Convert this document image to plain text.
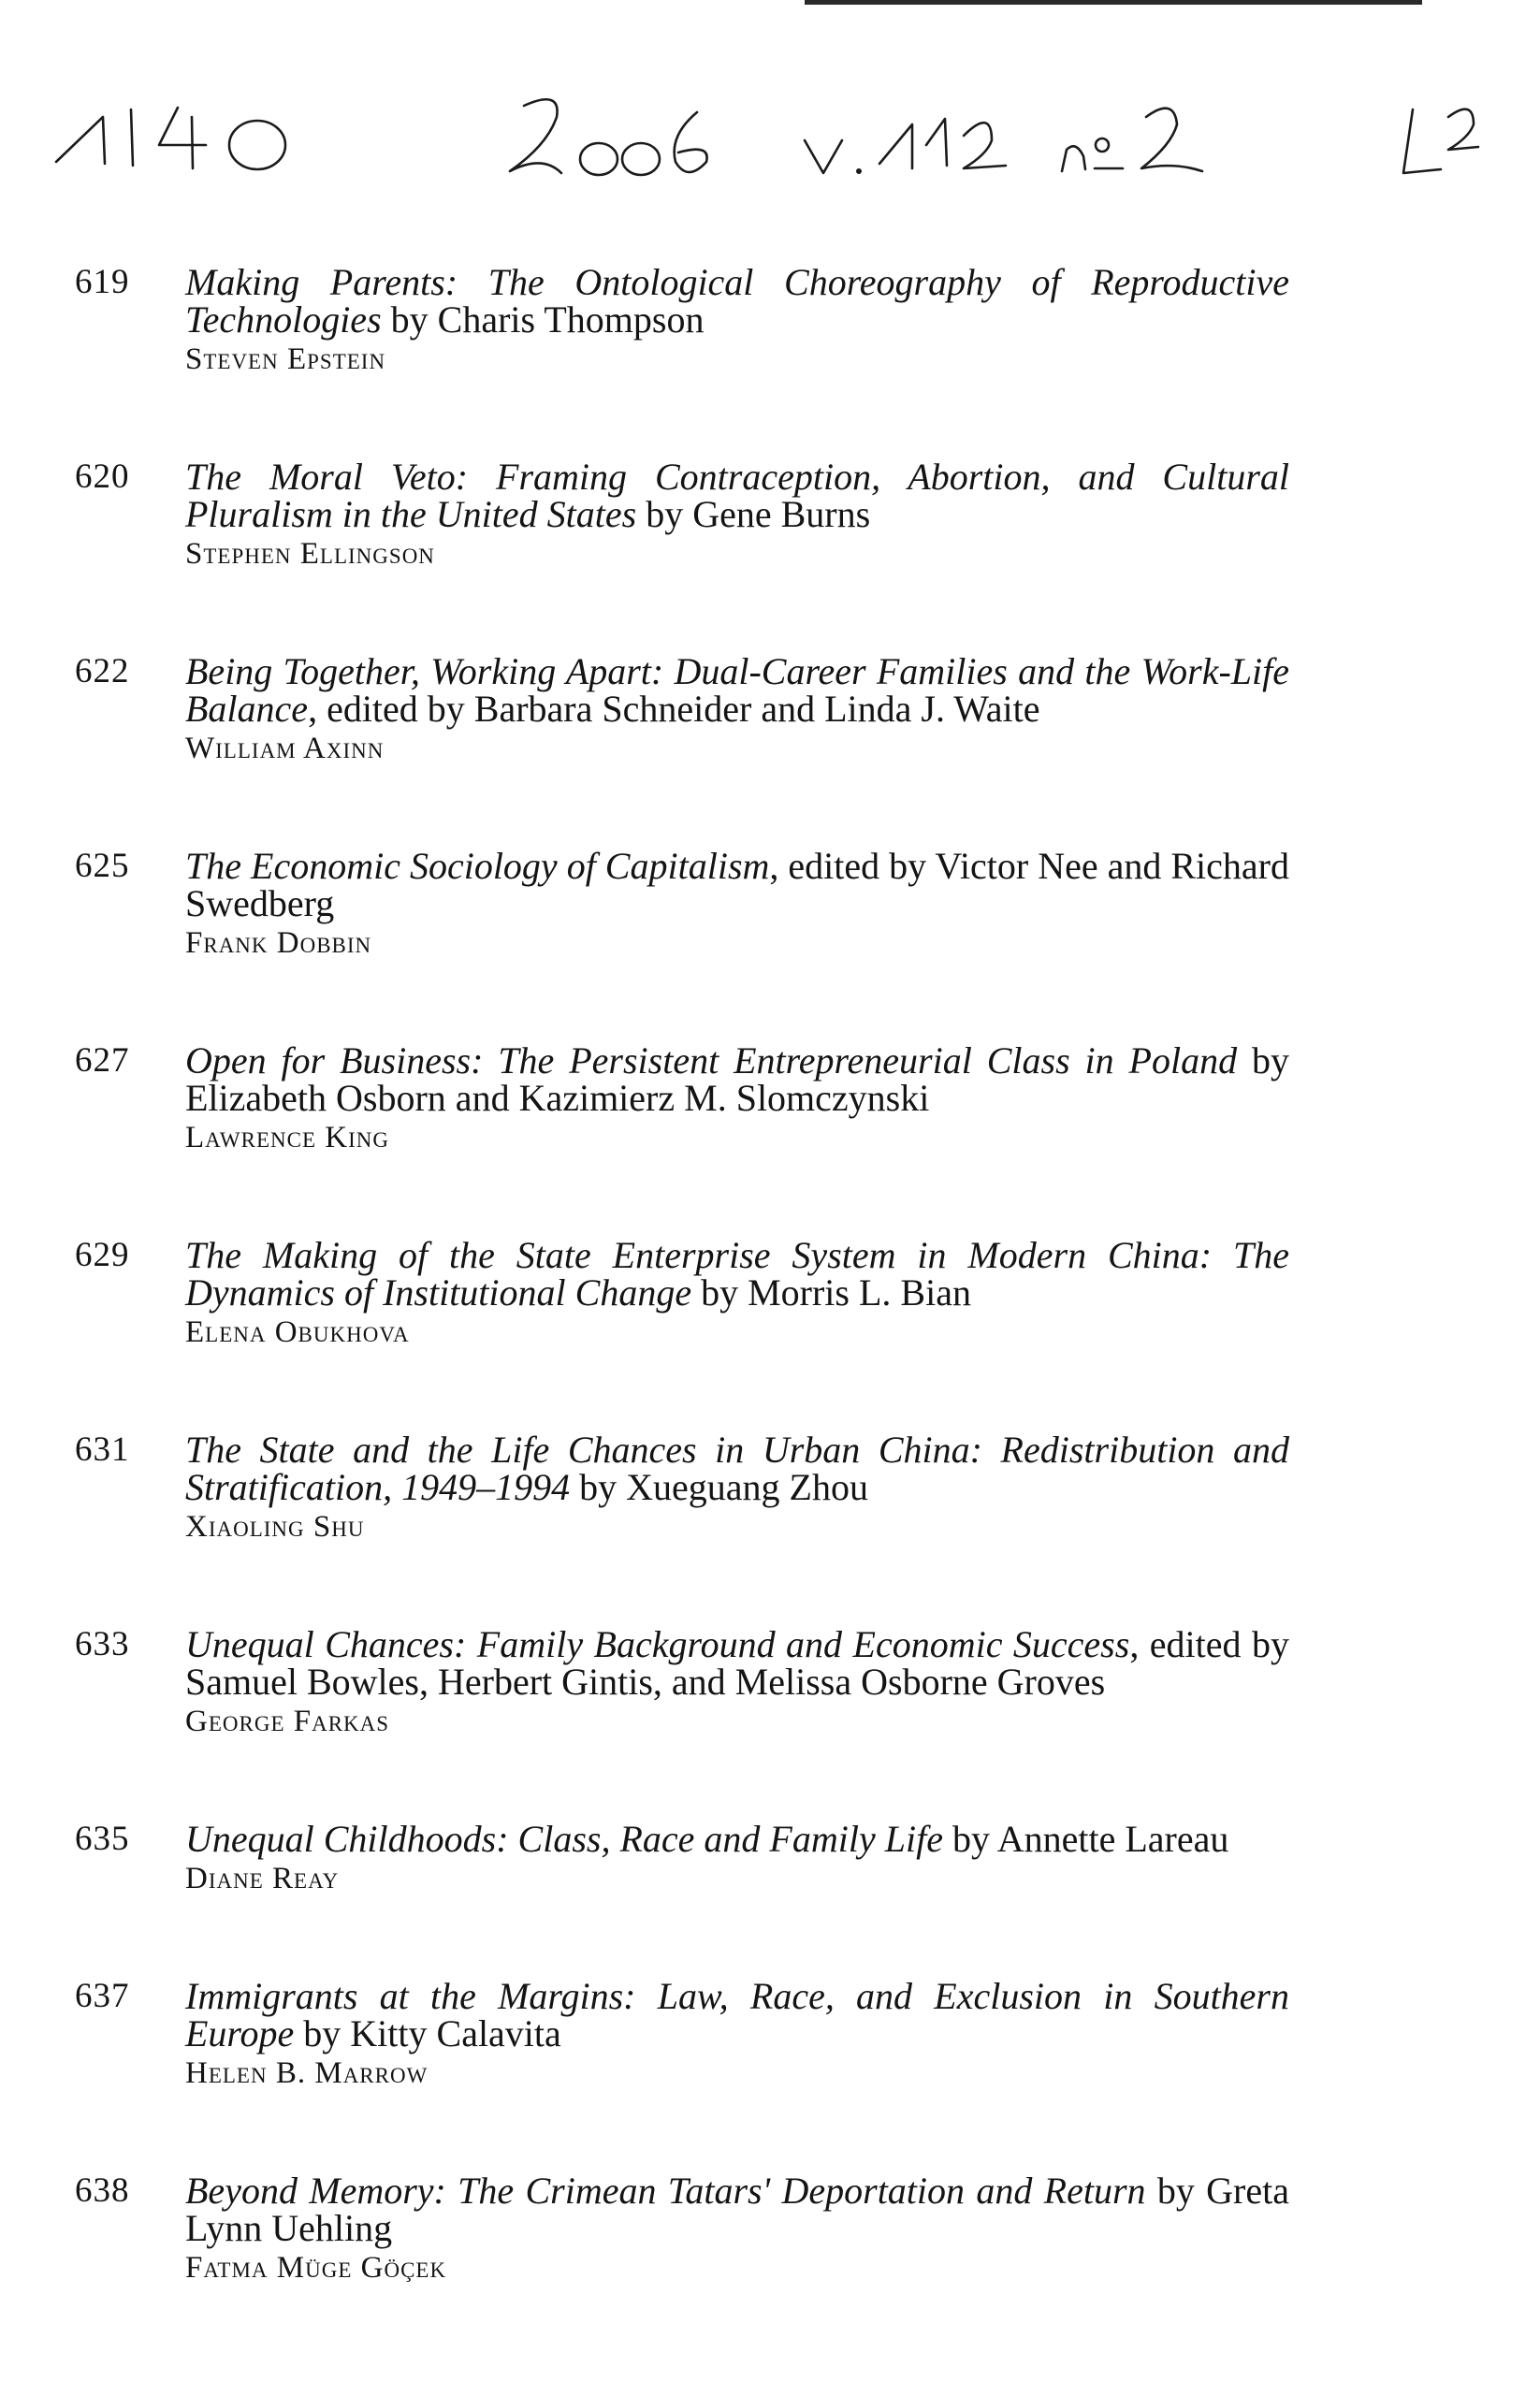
619 Making Parents: The Ontological Choreography of Reproductive Technologies by Charis Thompson
Steven Epstein
620 The Moral Veto: Framing Contraception, Abortion, and Cultural Pluralism in the United States by Gene Burns
Stephen Ellingson
622 Being Together, Working Apart: Dual-Career Families and the Work-Life Balance, edited by Barbara Schneider and Linda J. Waite
William Axinn
625 The Economic Sociology of Capitalism, edited by Victor Nee and Richard Swedberg
Frank Dobbin
627 Open for Business: The Persistent Entrepreneurial Class in Poland by Elizabeth Osborn and Kazimierz M. Slomczynski
Lawrence King
629 The Making of the State Enterprise System in Modern China: The Dynamics of Institutional Change by Morris L. Bian
Elena Obukhova
631 The State and the Life Chances in Urban China: Redistribution and Stratification, 1949–1994 by Xueguang Zhou
Xiaoling Shu
633 Unequal Chances: Family Background and Economic Success, edited by Samuel Bowles, Herbert Gintis, and Melissa Osborne Groves
George Farkas
635 Unequal Childhoods: Class, Race and Family Life by Annette Lareau
Diane Reay
637 Immigrants at the Margins: Law, Race, and Exclusion in Southern Europe by Kitty Calavita
Helen B. Marrow
638 Beyond Memory: The Crimean Tatars' Deportation and Return by Greta Lynn Uehling
Fatma Müge Göçek
